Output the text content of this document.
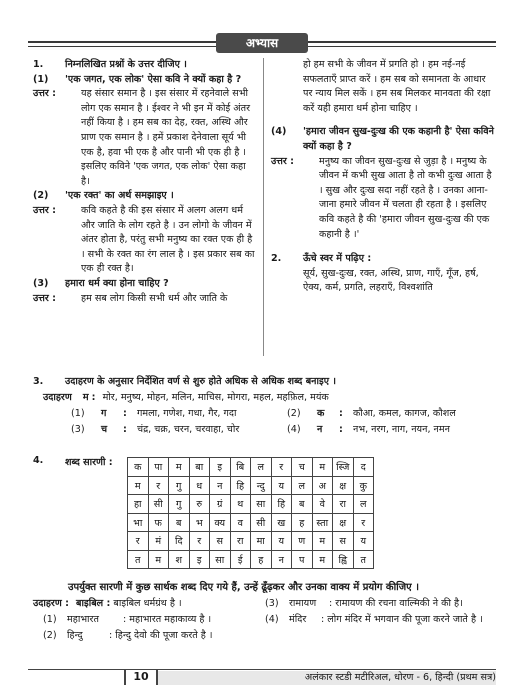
अभ्यास
1.	निम्नलिखित प्रश्नों के उत्तर दीजिए ।
(1)	'एक जगत, एक लोक' ऐसा कवि ने क्यों कहा है ?
उत्तर :	यह संसार समान है । इस संसार में रहनेवाले सभी लोग एक समान है । ईश्वर ने भी इन में कोई अंतर नहीं किया है । हम सब का देह, रक्त, अस्थि और प्राण एक समान है । हमें प्रकाश देनेवाला सूर्य भी एक है, हवा भी एक है और पानी भी एक ही है । इसलिए कविने 'एक जगत, एक लोक' ऐसा कहा है।
(2)	'एक रक्त' का अर्थ समझाइए ।
उत्तर :	कवि कहते है की इस संसार में अलग अलग धर्म और जाति के लोग रहते है । उन लोगो के जीवन में अंतर होता है, परंतु सभी मनुष्य का रक्त एक ही है । सभी के रक्त का रंग लाल है । इस प्रकार सब का एक ही रक्त है।
(3)	हमारा धर्म क्या होना चाहिए ?
उत्तर :	हम सब लोग किसी सभी धर्म और जाति के
हो हम सभी के जीवन में प्रगति हो । हम नई-नई सफलताएँ प्राप्त करें । हम सब को समानता के आधार पर न्याय मिल सकें । हम सब मिलकर मानवता की रक्षा करें यही हमारा धर्म होना चाहिए ।
(4)	'हमारा जीवन सुख-दुःख की एक कहानी है' ऐसा कविने क्यों कहा है ?
उत्तर :	मनुष्य का जीवन सुख-दुःख से जुड़ा है । मनुष्य के जीवन में कभी सुख आता है तो कभी दुःख आता है । सुख और दुःख सदा नहीं रहते है । उनका आना-जाना हमारे जीवन में चलता ही रहता है । इसलिए कवि कहते है की 'हमारा जीवन सुख-दुःख की एक कहानी है ।'
2.	ऊँचे स्वर में पढ़िए :
सूर्य, सुख-दुःख, रक्त, अस्थि, प्राण, गाएँ, गूँज, हर्ष, ऐक्य, कर्म, प्रगति, लहराएँ, विश्वशांति
3.	उदाहरण के अनुसार निर्देशित वर्ण से शुरु होते अधिक से अधिक शब्द बनाइए ।
उदाहरण म : मोर, मनुष्य, मोहन, मलिन, माचिस, मोगरा, महल, महफ़िल, मयंक
(1)	ग	:	गमला, गणेश, गधा, गैर, गदा	(2)	क	:	कौआ, कमल, कागज, कौशल
(3)	च	:	चंद्र, चक्र, चरन, चरवाहा, चोर	(4)	न	:	नभ, नरग, नाग, नयन, नमन
4.	शब्द सारणी : क	पा	म	बा	इ	बि	ल	र	च	म	स्जि	द
म	र	गु	ध	न	हि	न्दु	य	ल	अ	क्ष	कु
हा	सी	गु	रु	ग्रं	थ	सा	हि	ब	वे	रा	ल
भा	फ	ब	भ	क्य	व	सी	ख	ह	स्ता	क्ष	र
र	मं	दि	र	स	रा	मा	य	ण	म	स	य
त	म	श	इ	सा	ई	ह	न	प	म	ह्वि	त
उपर्युक्त सारणी में कुछ सार्थक शब्द दिए गये हैं, उन्हें ढूँढ़कर और उनका वाक्य में प्रयोग कीजिए ।
उदाहरण : बाइबिल : बाइबिल धर्मग्रंथ है ।
(1)	महाभारत	: महाभारत महाकाव्य है ।
(2)	हिन्दु	: हिन्दु देवो की पूजा करते है ।
(3)	रामायण	: रामायण की रचना वाल्मिकी ने की है।
(4)	मंदिर	: लोग मंदिर में भगवान की पूजा करने जाते है ।
10	अलंकार स्टडी मटीरिअल, धोरण - 6, हिन्दी (प्रथम सत्र)
